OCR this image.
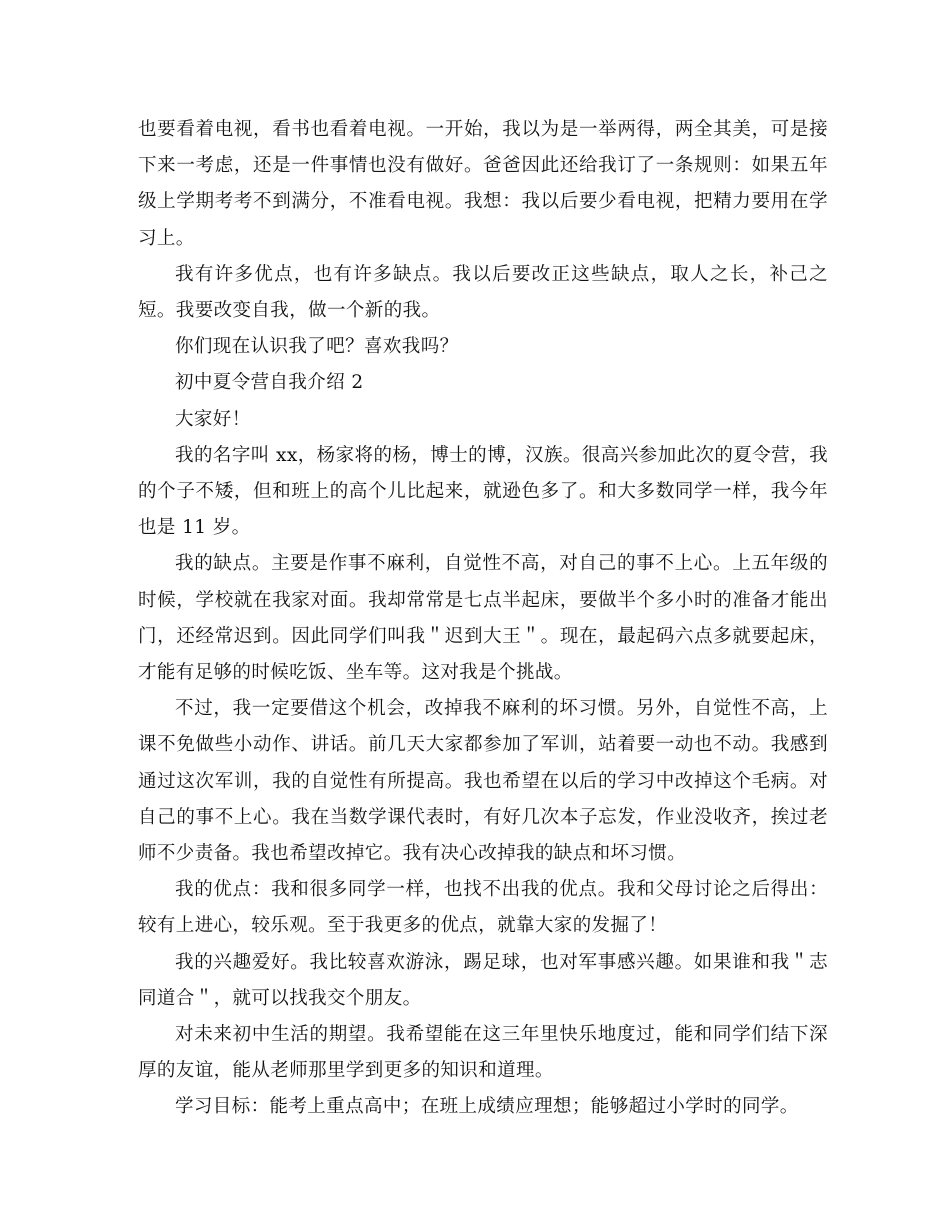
也要看着电视，看书也看着电视。一开始，我以为是一举两得，两全其美，可是接下来一考虑，还是一件事情也没有做好。爸爸因此还给我订了一条规则：如果五年级上学期考考不到满分，不准看电视。我想：我以后要少看电视，把精力要用在学习上。

我有许多优点，也有许多缺点。我以后要改正这些缺点，取人之长，补己之短。我要改变自我，做一个新的我。

你们现在认识我了吧？喜欢我吗？

初中夏令营自我介绍 2

大家好！

我的名字叫 xx，杨家将的杨，博士的博，汉族。很高兴参加此次的夏令营，我的个子不矮，但和班上的高个儿比起来，就逊色多了。和大多数同学一样，我今年也是 11 岁。

我的缺点。主要是作事不麻利，自觉性不高，对自己的事不上心。上五年级的时候，学校就在我家对面。我却常常是七点半起床，要做半个多小时的准备才能出门，还经常迟到。因此同学们叫我＂迟到大王＂。现在，最起码六点多就要起床，才能有足够的时候吃饭、坐车等。这对我是个挑战。

不过，我一定要借这个机会，改掉我不麻利的坏习惯。另外，自觉性不高，上课不免做些小动作、讲话。前几天大家都参加了军训，站着要一动也不动。我感到通过这次军训，我的自觉性有所提高。我也希望在以后的学习中改掉这个毛病。对自己的事不上心。我在当数学课代表时，有好几次本子忘发，作业没收齐，挨过老师不少责备。我也希望改掉它。我有决心改掉我的缺点和坏习惯。

我的优点：我和很多同学一样，也找不出我的优点。我和父母讨论之后得出：较有上进心，较乐观。至于我更多的优点，就靠大家的发掘了！

我的兴趣爱好。我比较喜欢游泳，踢足球，也对军事感兴趣。如果谁和我＂志同道合＂，就可以找我交个朋友。

对未来初中生活的期望。我希望能在这三年里快乐地度过，能和同学们结下深厚的友谊，能从老师那里学到更多的知识和道理。

学习目标：能考上重点高中；在班上成绩应理想；能够超过小学时的同学。
